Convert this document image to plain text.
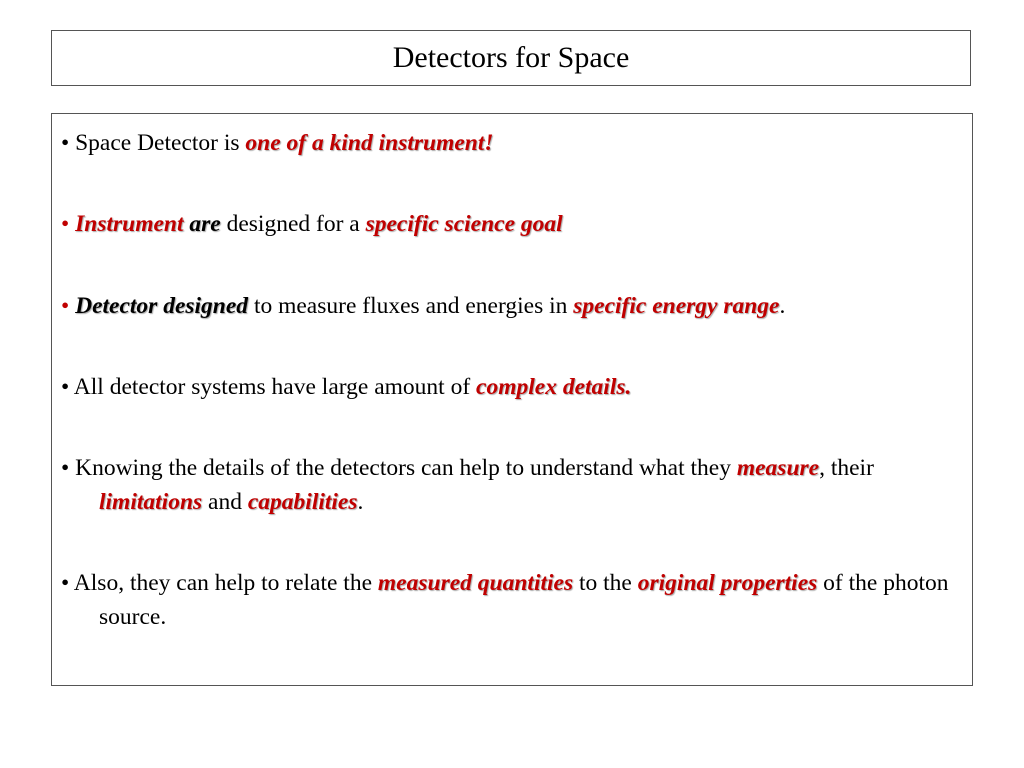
Detectors for Space
• Space Detector is one of a kind instrument!
• Instrument are designed for a specific science goal
• Detector designed to measure fluxes and energies in specific energy range.
• All detector systems have large amount of complex details.
• Knowing the details of the detectors can help to understand what they measure, their limitations and capabilities.
• Also, they can help to relate the measured quantities to the original properties of the photon source.
